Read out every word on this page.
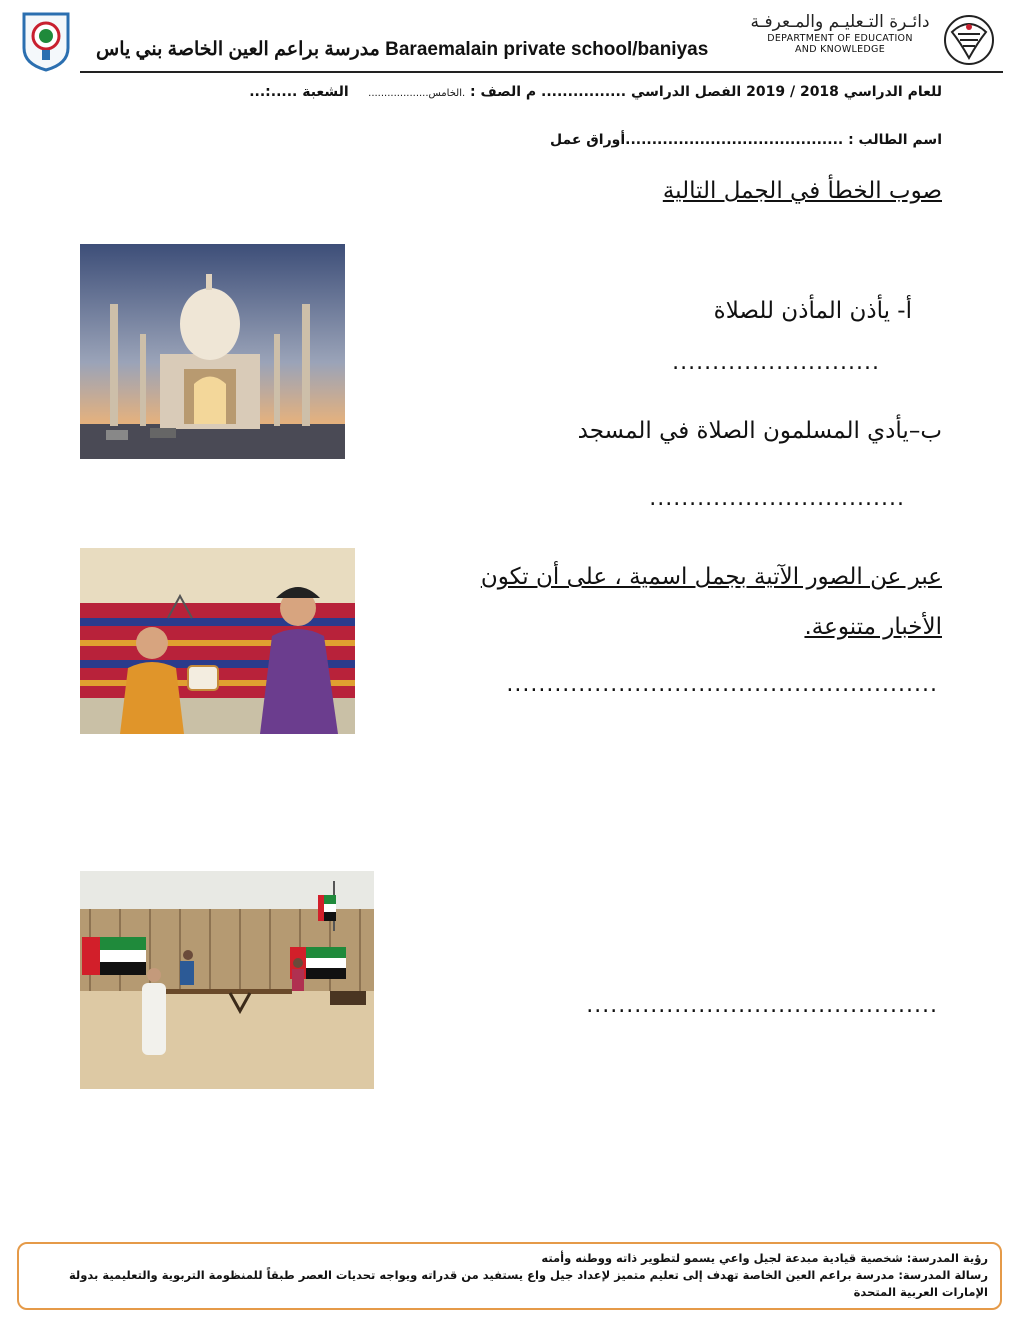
دائـرة التـعليـم والمـعرفـة
DEPARTMENT OF EDUCATION
AND KNOWLEDGE
مدرسة براعم العين الخاصة بني ياس Baraemalain private school/baniyas
للعام الدراسي 2018 / 2019 الفصل الدراسي ................ م الصف : .الخامس...................    الشعبة .....:...
اسم الطالب : .........................................أوراق عمل
صوب الخطأ في الجمل التالية
أ- يأذن المأذن للصلاة
..........................
ب–يأدي المسلمون الصلاة في المسجد
................................
عبر عن الصور الآتية بجمل اسمية ، على أن تكون الأخبار متنوعة.
......................................................
............................................
رؤية المدرسة: شخصية قيادية مبدعة لجيل واعي يسمو لتطوير ذاته ووطنه وأمته
رسالة المدرسة: مدرسة براعم العين الخاصة تهدف إلى تعليم متميز لإعداد جيل واع يستفيد من قدراته ويواجه تحديات العصر طبقاً للمنظومة التربوية والتعليمية بدولة الإمارات العربية المتحدة
